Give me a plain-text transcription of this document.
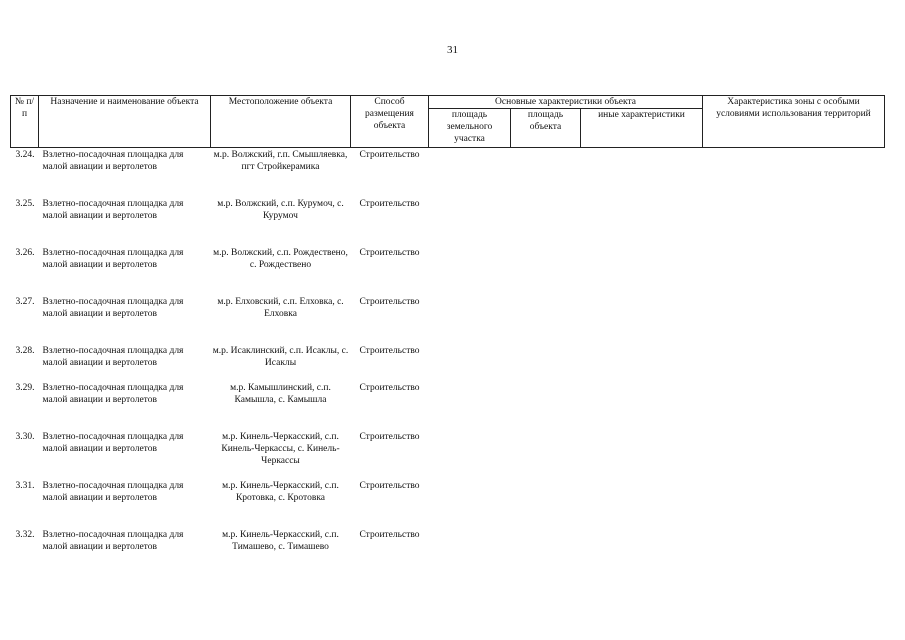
31
№ п/п	Назначение и наименование объекта	Местоположение объекта	Способ размещения объекта	Основные характеристики объекта			Характеристика зоны с особыми условиями использования территорий
				площадь земельного участка	площадь объекта	иные характеристики	
3.24.	Взлетно-посадочная площадка для малой авиации и вертолетов	м.р. Волжский, г.п. Смышляевка, пгт Стройкерамика	Строительство				
3.25.	Взлетно-посадочная площадка для малой авиации и вертолетов	м.р. Волжский, с.п. Курумоч, с. Курумоч	Строительство				
3.26.	Взлетно-посадочная площадка для малой авиации и вертолетов	м.р. Волжский, с.п. Рождествено, с. Рождествено	Строительство				
3.27.	Взлетно-посадочная площадка для малой авиации и вертолетов	м.р. Елховский, с.п. Елховка, с. Елховка	Строительство				
3.28.	Взлетно-посадочная площадка для малой авиации и вертолетов	м.р. Исаклинский, с.п. Исаклы, с. Исаклы	Строительство				
3.29.	Взлетно-посадочная площадка для малой авиации и вертолетов	м.р. Камышлинский, с.п. Камышла, с. Камышла	Строительство				
3.30.	Взлетно-посадочная площадка для малой авиации и вертолетов	м.р. Кинель-Черкасский, с.п. Кинель-Черкассы, с. Кинель-Черкассы	Строительство				
3.31.	Взлетно-посадочная площадка для малой авиации и вертолетов	м.р. Кинель-Черкасский, с.п. Кротовка, с. Кротовка	Строительство				
3.32.	Взлетно-посадочная площадка для малой авиации и вертолетов	м.р. Кинель-Черкасский, с.п. Тимашево, с. Тимашево	Строительство				
